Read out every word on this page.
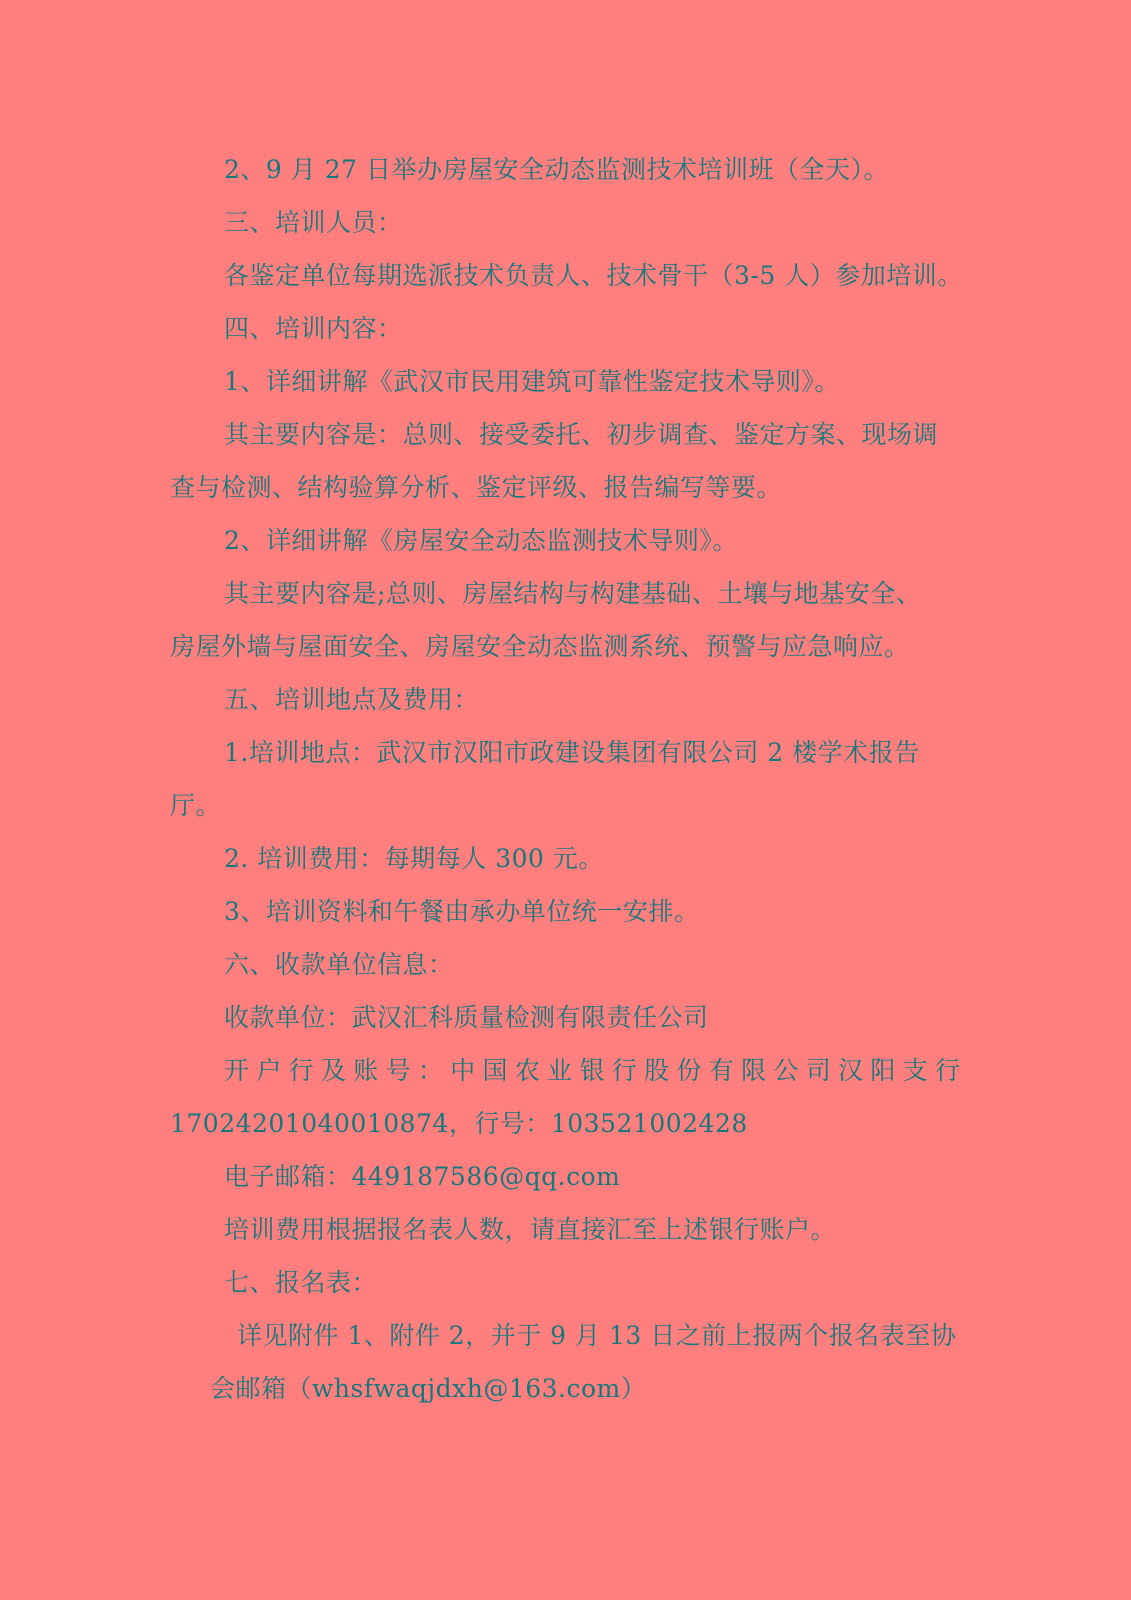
2、9 月 27 日举办房屋安全动态监测技术培训班（全天）。
三、培训人员：
各鉴定单位每期选派技术负责人、技术骨干（3-5 人）参加培训。
四、培训内容：
1、详细讲解《武汉市民用建筑可靠性鉴定技术导则》。
其主要内容是：总则、接受委托、初步调查、鉴定方案、现场调
查与检测、结构验算分析、鉴定评级、报告编写等要。
2、详细讲解《房屋安全动态监测技术导则》。
其主要内容是;总则、房屋结构与构建基础、土壤与地基安全、
房屋外墙与屋面安全、房屋安全动态监测系统、预警与应急响应。
五、培训地点及费用：
1.培训地点：武汉市汉阳市政建设集团有限公司 2 楼学术报告
厅。
2. 培训费用：每期每人 300 元。
3、培训资料和午餐由承办单位统一安排。
六、收款单位信息：
收款单位：武汉汇科质量检测有限责任公司
开户行及账号：中国农业银行股份有限公司汉阳支行
17024201040010874，行号：103521002428
电子邮箱：449187586@qq.com
培训费用根据报名表人数，请直接汇至上述银行账户。
七、报名表：
详见附件 1、附件 2，并于 9 月 13 日之前上报两个报名表至协
会邮箱（whsfwaqjdxh@163.com）
